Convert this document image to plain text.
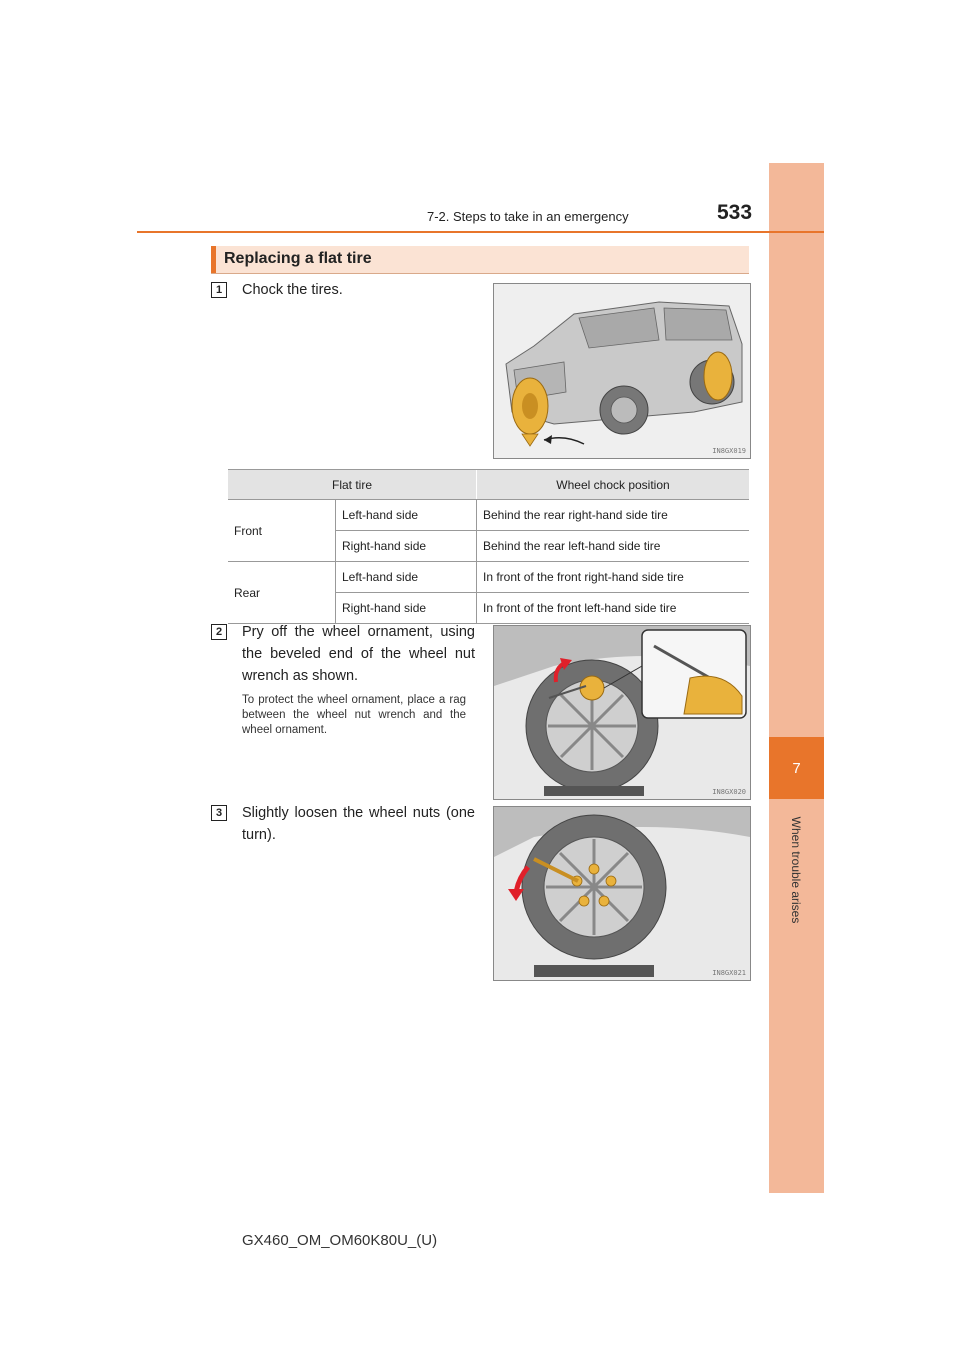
7
When trouble arises
7-2. Steps to take in an emergency	533
Replacing a flat tire
1	Chock the tires.
IN8GX019
Flat tire		Wheel chock position
Front	Left-hand side	Behind the rear right-hand side tire
	Right-hand side	Behind the rear left-hand side tire
Rear	Left-hand side	In front of the front right-hand side tire
	Right-hand side	In front of the front left-hand side tire
2	Pry off the wheel ornament, using the beveled end of the wheel nut wrench as shown.
To protect the wheel ornament, place a rag between the wheel nut wrench and the wheel ornament.
IN8GX020
3	Slightly loosen the wheel nuts (one turn).
IN8GX021
GX460_OM_OM60K80U_(U)
